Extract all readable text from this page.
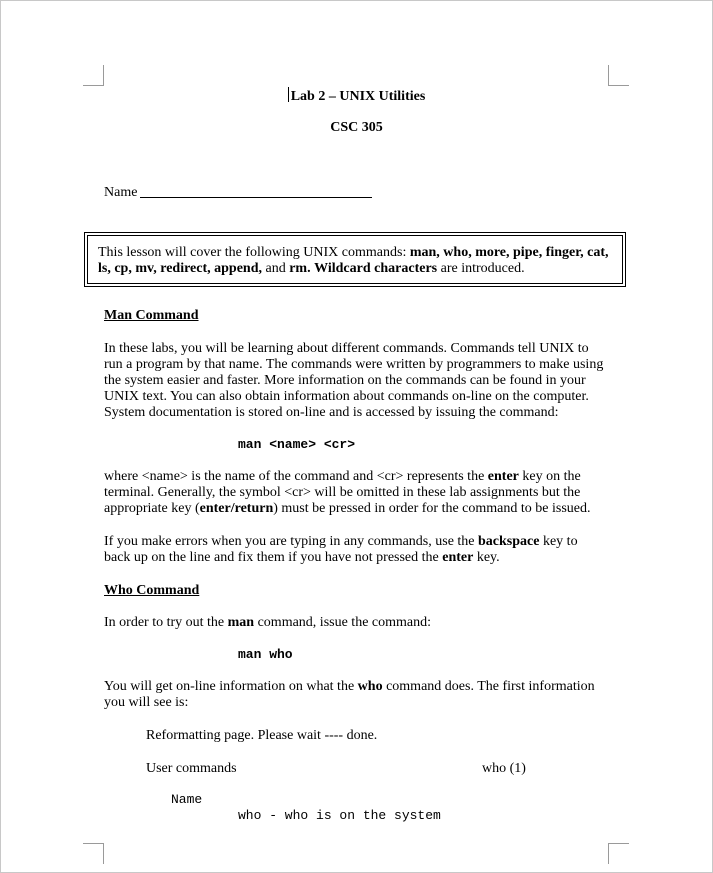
Lab 2 – UNIX Utilities
CSC 305
Name
This lesson will cover the following UNIX commands: man, who, more, pipe, finger, cat,
ls, cp, mv, redirect, append, and rm. Wildcard characters are introduced.
Man Command
In these labs, you will be learning about different commands. Commands tell UNIX to
run a program by that name. The commands were written by programmers to make using
the system easier and faster. More information on the commands can be found in your
UNIX text. You can also obtain information about commands on-line on the computer.
System documentation is stored on-line and is accessed by issuing the command:
man <name> <cr>
where <name> is the name of the command and <cr> represents the enter key on the
terminal. Generally, the symbol <cr> will be omitted in these lab assignments but the
appropriate key (enter/return) must be pressed in order for the command to be issued.
If you make errors when you are typing in any commands, use the backspace key to
back up on the line and fix them if you have not pressed the enter key.
Who Command
In order to try out the man command, issue the command:
man who
You will get on-line information on what the who command does. The first information
you will see is:
Reformatting page. Please wait ---- done.
User commands	who (1)
Name
who - who is on the system
